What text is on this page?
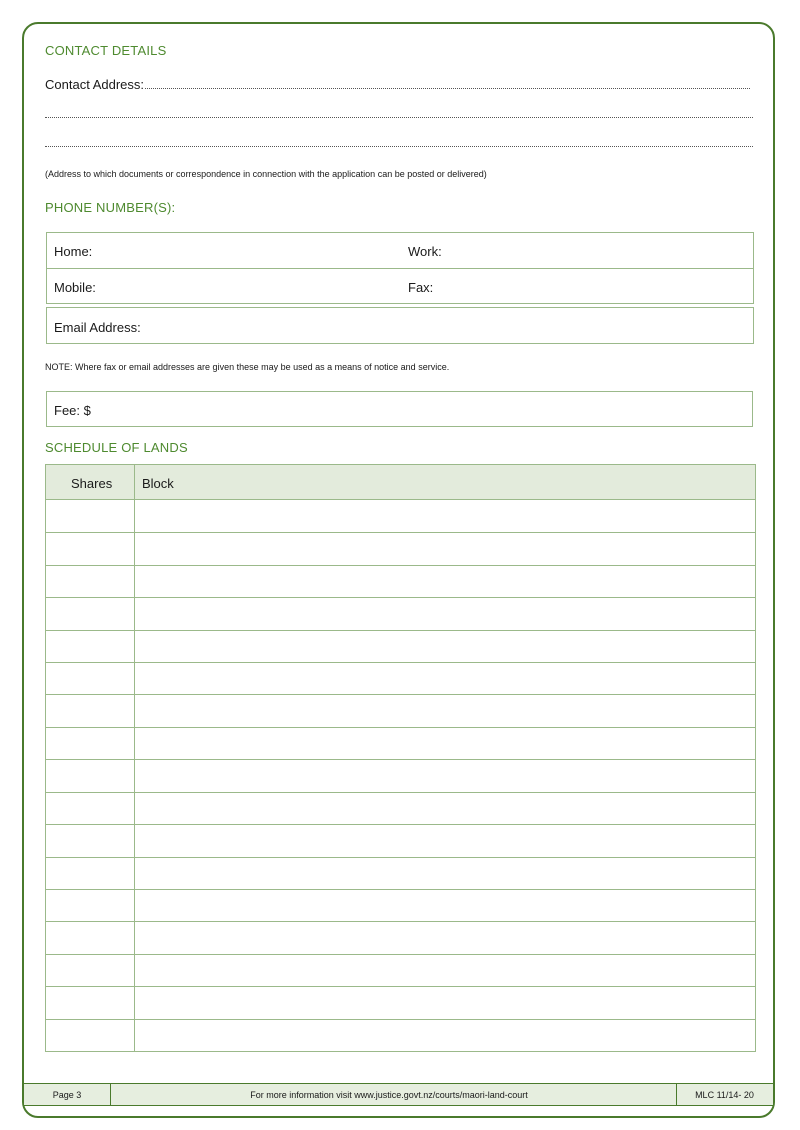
CONTACT DETAILS
Contact Address:
(Address to which documents or correspondence in connection with the application can be posted or delivered)
PHONE NUMBER(S):
Home:	Work:
Mobile:	Fax:
Email Address:
NOTE: Where fax or email addresses are given these may be used as a means of notice and service.
Fee: $
SCHEDULE OF LANDS
Shares Block
Page 3	For more information visit www.justice.govt.nz/courts/maori-land-court	MLC 11/14- 20
